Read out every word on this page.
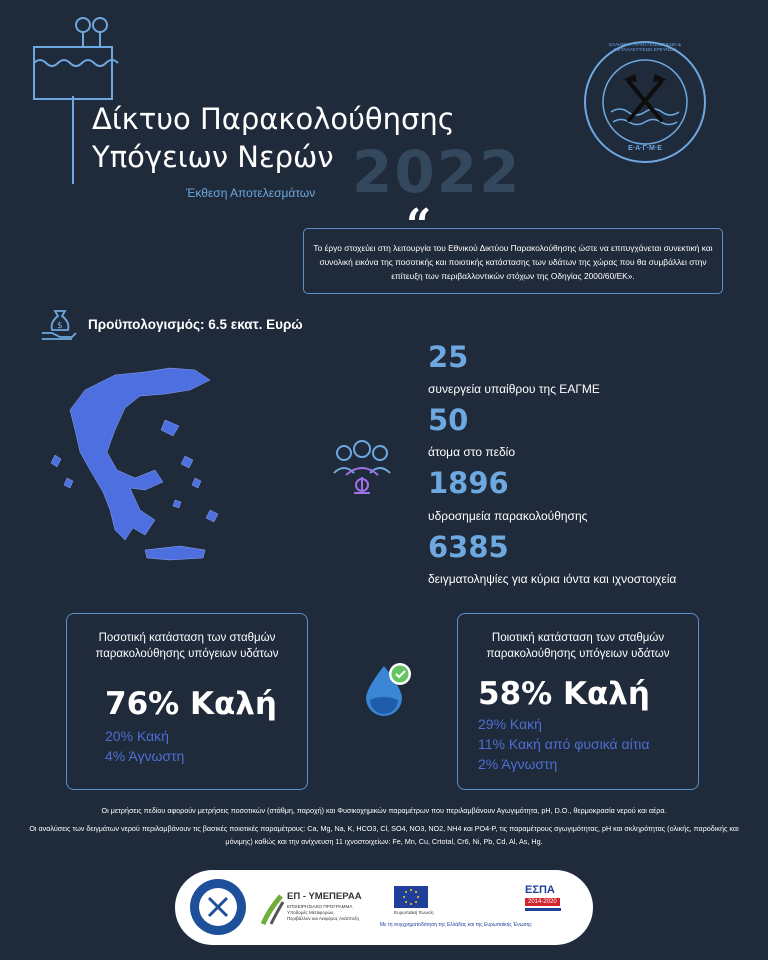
Δίκτυο Παρακολούθησης
Υπόγειων Νερών
Έκθεση Αποτελεσμάτων 2022	Ε·Α·Γ·Μ·Ε
ΕΛΛΗΝΙΚΗ ΑΡΧΗ ΓΕΩΛΟΓΙΚΩΝ & ΜΕΤΑΛΛΕΥΤΙΚΩΝ ΕΡΕΥΝΩΝ
“
Το έργο στοχεύει στη λειτουργία του Εθνικού Δικτύου Παρακολούθησης ώστε να επιτυγχάνεται συνεκτική και συνολική εικόνα της ποσοτικής και ποιοτικής κατάστασης των υδάτων της χώρας που θα συμβάλλει στην επίτευξη των περιβαλλοντικών στόχων της Οδηγίας 2000/60/ΕΚ».
$ Προϋπολογισμός: 6.5 εκατ. Ευρώ
25
συνεργεία υπαίθρου της ΕΑΓΜΕ
50
άτομα στο πεδίο
1896
υδροσημεία παρακολούθησης
6385
δειγματοληψίες για κύρια ιόντα και ιχνοστοιχεία
Ποσοτική κατάσταση των σταθμών
παρακολούθησης υπόγειων υδάτων
76% Καλή
20% Κακή
4% Άγνωστη
Ποιοτική κατάσταση των σταθμών
παρακολούθησης υπόγειων υδάτων
58% Καλή
29% Κακή
11% Κακή από φυσικά αίτια
2% Άγνωστη
Οι μετρήσεις πεδίου αφορούν μετρήσεις ποσοτικών (στάθμη, παροχή) και Φυσικοχημικών παραμέτρων που περιλαμβάνουν Αγωγιμότητα, pH, D.O., θερμοκρασία νερού και αέρα.
Οι αναλύσεις των δειγμάτων νερού περιλαμβάνουν τις βασικές ποιοτικές παραμέτρους: Ca, Mg, Na, K, HCO3, Cl, SO4, NO3, NO2, NH4 και PO4-P, τις παραμέτρους αγωγιμότητας, pH και σκληρότητας (ολικής, παροδικής και μόνιμης) καθώς και την ανίχνευση 11 ιχνοστοιχείων: Fe, Mn, Cu, Crtotal, Cr6, Ni, Pb, Cd, Al, As, Hg.
ΕΠ - ΥΜΕΠΕΡΑΑ
ΕΠΙΧΕΙΡΗΣΙΑΚΟ ΠΡΟΓΡΑΜΜΑ
Υποδομές Μεταφορών,
Περιβάλλον και Αειφόρος Ανάπτυξη
Ευρωπαϊκή Ένωση
Με τη συγχρηματοδότηση της Ελλάδας και της Ευρωπαϊκής Ένωσης
ΕΣΠΑ
2014-2020
